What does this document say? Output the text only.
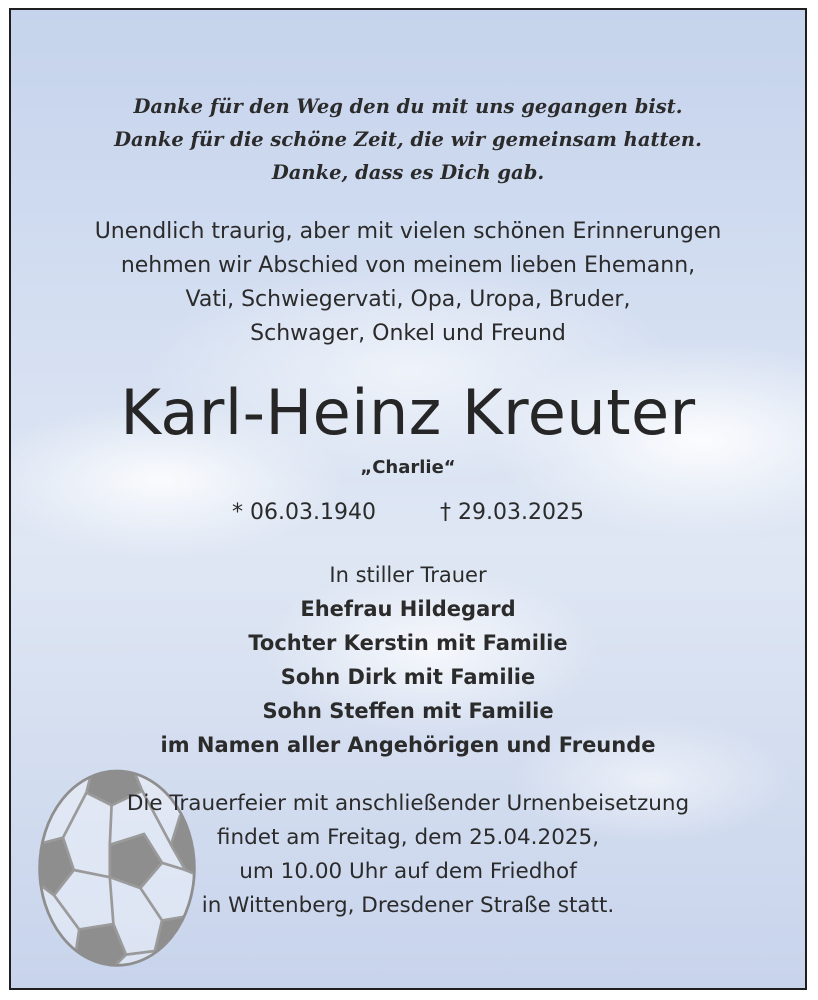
Danke für den Weg den du mit uns gegangen bist.
Danke für die schöne Zeit, die wir gemeinsam hatten.
Danke, dass es Dich gab.
Unendlich traurig, aber mit vielen schönen Erinnerungen
nehmen wir Abschied von meinem lieben Ehemann,
Vati, Schwiegervati, Opa, Uropa, Bruder,
Schwager, Onkel und Freund
Karl-Heinz Kreuter
„Charlie“
* 06.03.1940	† 29.03.2025
In stiller Trauer
Ehefrau Hildegard
Tochter Kerstin mit Familie
Sohn Dirk mit Familie
Sohn Steffen mit Familie
im Namen aller Angehörigen und Freunde
Die Trauerfeier mit anschließender Urnenbeisetzung
findet am Freitag, dem 25.04.2025,
um 10.00 Uhr auf dem Friedhof
in Wittenberg, Dresdener Straße statt.
